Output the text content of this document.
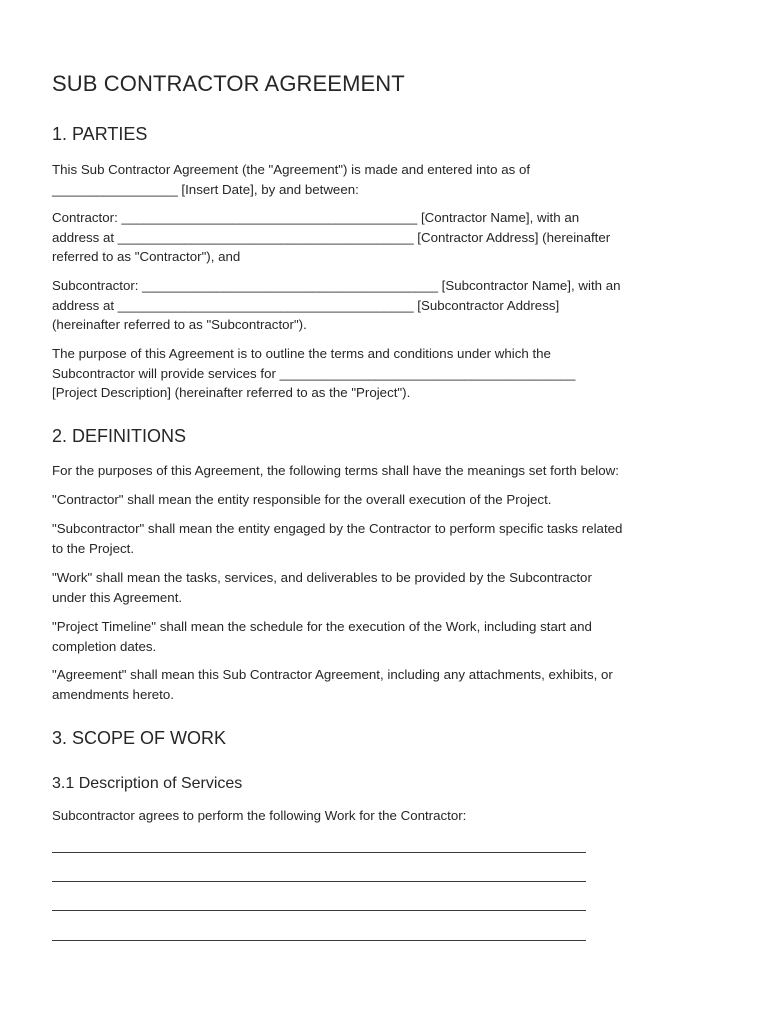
SUB CONTRACTOR AGREEMENT
1. PARTIES

This Sub Contractor Agreement (the "Agreement") is made and entered into as of
_________________ [Insert Date], by and between:

Contractor: ________________________________________ [Contractor Name], with an
address at ________________________________________ [Contractor Address] (hereinafter
referred to as "Contractor"), and

Subcontractor: ________________________________________ [Subcontractor Name], with an
address at ________________________________________ [Subcontractor Address]
(hereinafter referred to as "Subcontractor").

The purpose of this Agreement is to outline the terms and conditions under which the
Subcontractor will provide services for ________________________________________
[Project Description] (hereinafter referred to as the "Project").

2. DEFINITIONS

For the purposes of this Agreement, the following terms shall have the meanings set forth below:

"Contractor" shall mean the entity responsible for the overall execution of the Project.

"Subcontractor" shall mean the entity engaged by the Contractor to perform specific tasks related
to the Project.

"Work" shall mean the tasks, services, and deliverables to be provided by the Subcontractor
under this Agreement.

"Project Timeline" shall mean the schedule for the execution of the Work, including start and
completion dates.

"Agreement" shall mean this Sub Contractor Agreement, including any attachments, exhibits, or
amendments hereto.

3. SCOPE OF WORK
3.1 Description of Services

Subcontractor agrees to perform the following Work for the Contractor:
